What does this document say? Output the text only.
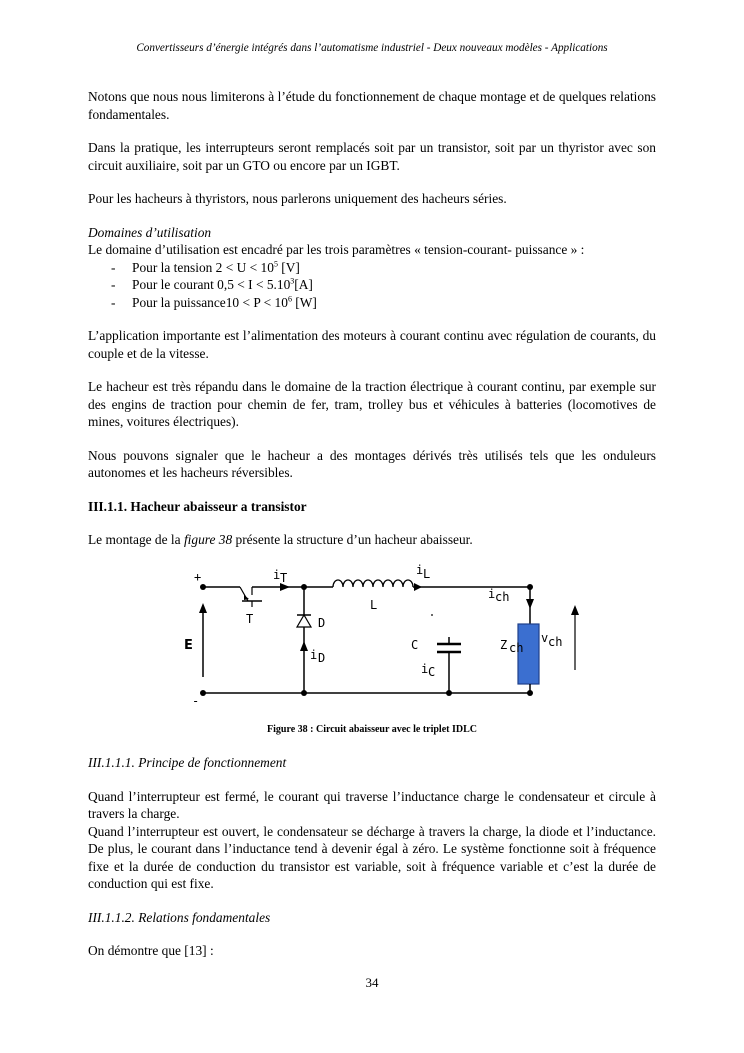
Convertisseurs d’énergie intégrés dans l’automatisme industriel - Deux nouveaux modèles - Applications

Notons que nous nous limiterons à l’étude du fonctionnement de chaque montage et de quelques relations fondamentales.

Dans la pratique, les interrupteurs seront remplacés soit par un transistor, soit par un thyristor avec son circuit auxiliaire, soit par un GTO ou encore par un IGBT.

Pour les hacheurs à thyristors, nous parlerons uniquement des hacheurs séries.

Domaines d’utilisation

Le domaine d’utilisation est encadré par les trois paramètres « tension-courant- puissance » :

- Pour la tension $2 < U < 10^5$ [V]
- Pour le courant $0,5 < I < 5.10^3[A]$
- Pour la puissance10 < $P < 10^6$ [W]

L’application importante est l’alimentation des moteurs à courant continu avec régulation de courants, du couple et de la vitesse.

Le hacheur est très répandu dans le domaine de la traction électrique à courant continu, par exemple sur des engins de traction pour chemin de fer, tram, trolley bus et véhicules à batteries (locomotives de mines, voitures électriques).

Nous pouvons signaler que le hacheur a des montages dérivés très utilisés tels que les onduleurs autonomes et les hacheurs réversibles.

III.1.1. Hacheur abaisseur a transistor

Le montage de la figure 38 présente la structure d’un hacheur abaisseur.

+
-
E
i T
T
i L
L
D
i D
C
i C
i ch
Z ch
v ch
Figure 38 : Circuit abaisseur avec le triplet IDLC

III.1.1.1. Principe de fonctionnement

Quand l’interrupteur est fermé, le courant qui traverse l’inductance charge le condensateur et circule à travers la charge.

Quand l’interrupteur est ouvert, le condensateur se décharge à travers la charge, la diode et l’inductance. De plus, le courant dans l’inductance tend à devenir égal à zéro. Le système fonctionne soit à fréquence fixe et la durée de conduction du transistor est variable, soit à fréquence variable et c’est la durée de conduction qui est fixe.

III.1.1.2. Relations fondamentales

On démontre que [13] :

34
